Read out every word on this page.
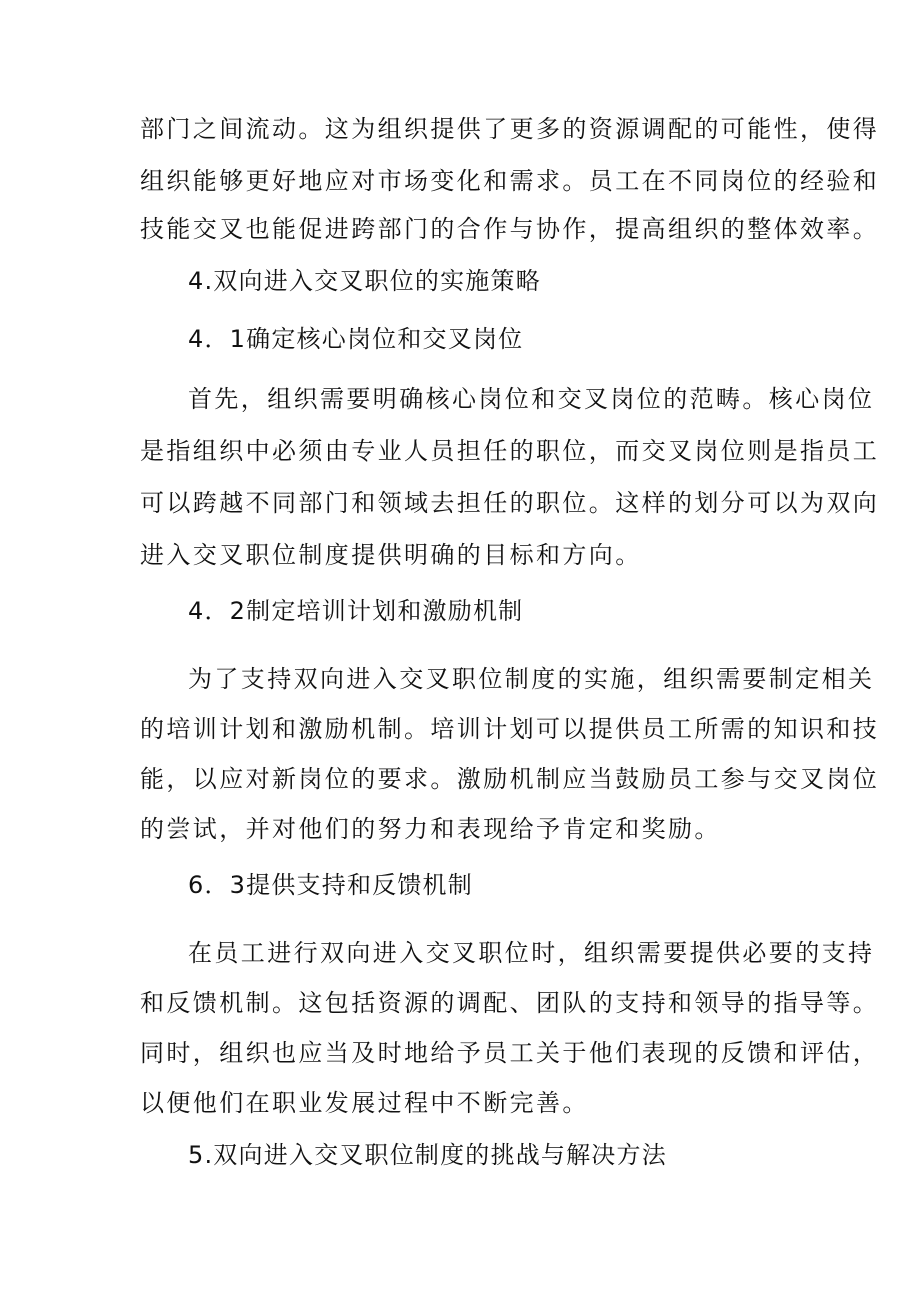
部门之间流动。这为组织提供了更多的资源调配的可能性，使得
组织能够更好地应对市场变化和需求。员工在不同岗位的经验和
技能交叉也能促进跨部门的合作与协作，提高组织的整体效率。
4.双向进入交叉职位的实施策略
4．1确定核心岗位和交叉岗位
首先，组织需要明确核心岗位和交叉岗位的范畴。核心岗位
是指组织中必须由专业人员担任的职位，而交叉岗位则是指员工
可以跨越不同部门和领域去担任的职位。这样的划分可以为双向
进入交叉职位制度提供明确的目标和方向。
4．2制定培训计划和激励机制
为了支持双向进入交叉职位制度的实施，组织需要制定相关
的培训计划和激励机制。培训计划可以提供员工所需的知识和技
能，以应对新岗位的要求。激励机制应当鼓励员工参与交叉岗位
的尝试，并对他们的努力和表现给予肯定和奖励。
6．3提供支持和反馈机制
在员工进行双向进入交叉职位时，组织需要提供必要的支持
和反馈机制。这包括资源的调配、团队的支持和领导的指导等。
同时，组织也应当及时地给予员工关于他们表现的反馈和评估，
以便他们在职业发展过程中不断完善。
5.双向进入交叉职位制度的挑战与解决方法
